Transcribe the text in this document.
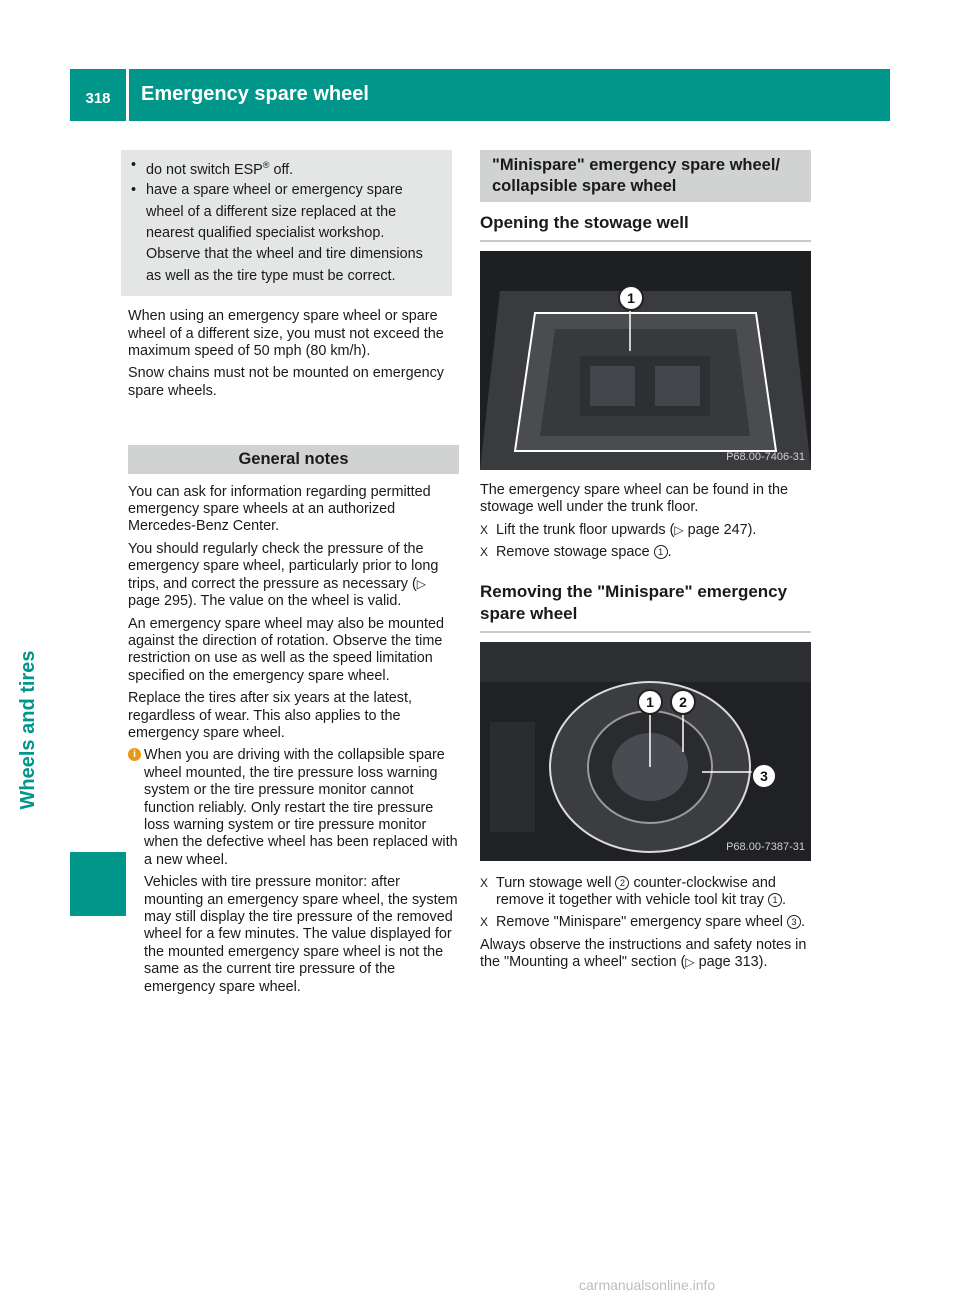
318	Emergency spare wheel
Wheels and tires
• do not switch ESP® off.
• have a spare wheel or emergency spare
wheel of a different size replaced at the
nearest qualified specialist workshop.
Observe that the wheel and tire dimensions
as well as the tire type must be correct.

When using an emergency spare wheel or spare wheel of a different size, you must not exceed the maximum speed of 50 mph (80 km/h).

Snow chains must not be mounted on emergency spare wheels.

General notes

You can ask for information regarding permitted emergency spare wheels at an authorized Mercedes-Benz Center.

You should regularly check the pressure of the emergency spare wheel, particularly prior to long trips, and correct the pressure as necessary (▷ page 295). The value on the wheel is valid.

An emergency spare wheel may also be mounted against the direction of rotation. Observe the time restriction on use as well as the speed limitation specified on the emergency spare wheel.

Replace the tires after six years at the latest, regardless of wear. This also applies to the emergency spare wheel.

i When you are driving with the collapsible spare wheel mounted, the tire pressure loss warning system or the tire pressure monitor cannot function reliably. Only restart the tire pressure loss warning system or tire pressure monitor when the defective wheel has been replaced with a new wheel.

Vehicles with tire pressure monitor: after mounting an emergency spare wheel, the system may still display the tire pressure of the removed wheel for a few minutes. The value displayed for the mounted emergency spare wheel is not the same as the current tire pressure of the emergency spare wheel.

"Minispare" emergency spare wheel/ collapsible spare wheel
Opening the stowage well
1
P68.00-7406-31

The emergency spare wheel can be found in the stowage well under the trunk floor.

X Lift the trunk floor upwards (▷ page 247).
X Remove stowage space 1 .
Removing the "Minispare" emergency spare wheel
1	2
3
P68.00-7387-31
X Turn stowage well 2 counter-clockwise and remove it together with vehicle tool kit tray 1 .
X Remove "Minispare" emergency spare wheel 3 .

Always observe the instructions and safety notes in the "Mounting a wheel" section (▷ page 313).

carmanualsonline.info
